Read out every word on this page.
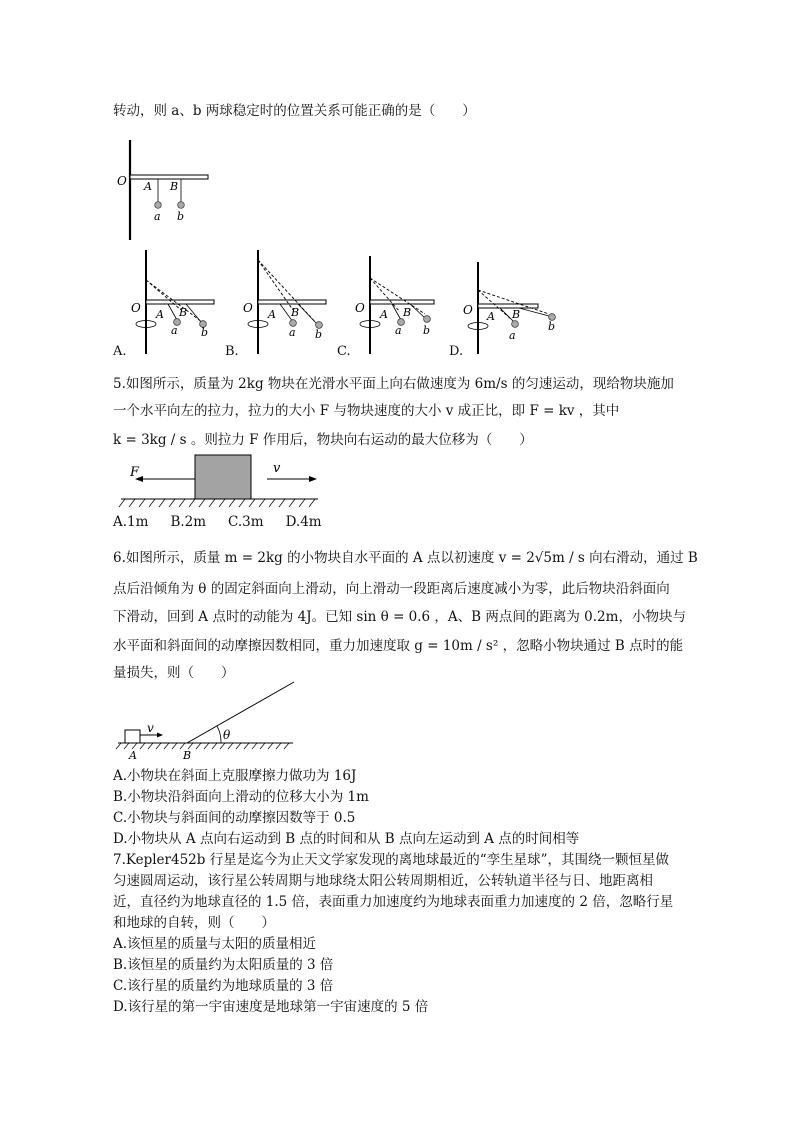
转动，则 a、b 两球稳定时的位置关系可能正确的是（　　）
O A B
a b
O A B
a b
A.
O A B
a b
B.
O A B
a b
C.
O A B
a
b
D.
5.如图所示，质量为 2kg 物块在光滑水平面上向右做速度为 6m/s 的匀速运动，现给物块施加
一个水平向左的拉力，拉力的大小 F 与物块速度的大小 v 成正比，即 F = kv ，其中
k = 3kg / s 。则拉力 F 作用后，物块向右运动的最大位移为（　　）
F	v
A.1m B.2m C.3m D.4m
6.如图所示，质量 m = 2kg 的小物块自水平面的 A 点以初速度 v = 2√5m / s 向右滑动，通过 B
点后沿倾角为 θ 的固定斜面向上滑动，向上滑动一段距离后速度减小为零，此后物块沿斜面向
下滑动，回到 A 点时的动能为 4J。已知 sin θ = 0.6 ，A、B 两点间的距离为 0.2m，小物块与
水平面和斜面间的动摩擦因数相同，重力加速度取 g = 10m / s² ，忽略小物块通过 B 点时的能
量损失，则（　　）
v
A	B
θ
A.小物块在斜面上克服摩擦力做功为 16J
B.小物块沿斜面向上滑动的位移大小为 1m
C.小物块与斜面间的动摩擦因数等于 0.5
D.小物块从 A 点向右运动到 B 点的时间和从 B 点向左运动到 A 点的时间相等
7.Kepler452b 行星是迄今为止天文学家发现的离地球最近的“孪生星球”，其围绕一颗恒星做
匀速圆周运动，该行星公转周期与地球绕太阳公转周期相近，公转轨道半径与日、地距离相
近，直径约为地球直径的 1.5 倍，表面重力加速度约为地球表面重力加速度的 2 倍，忽略行星
和地球的自转，则（　　）
A.该恒星的质量与太阳的质量相近
B.该恒星的质量约为太阳质量的 3 倍
C.该行星的质量约为地球质量的 3 倍
D.该行星的第一宇宙速度是地球第一宇宙速度的 5 倍
